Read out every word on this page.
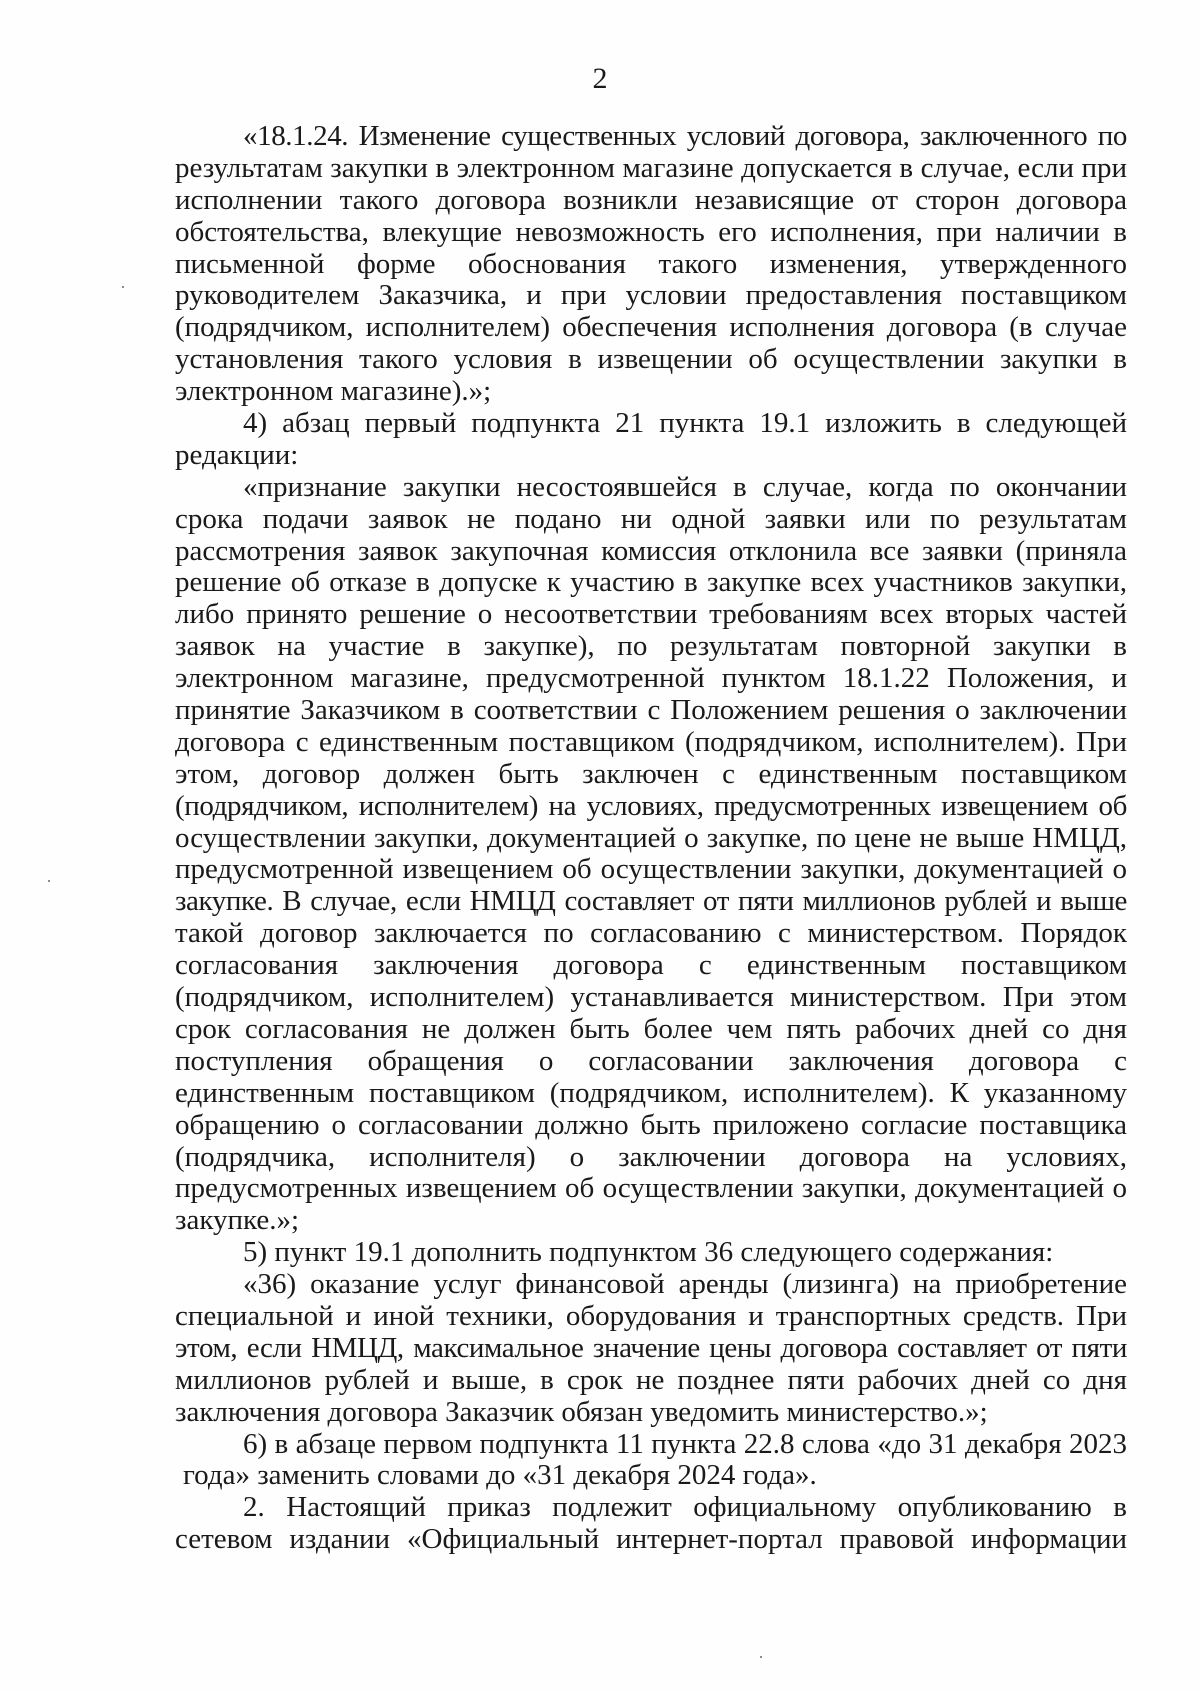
2
«18.1.24. Изменение существенных условий договора, заключенного по
результатам закупки в электронном магазине допускается в случае, если при
исполнении такого договора возникли независящие от сторон договора
обстоятельства, влекущие невозможность его исполнения, при наличии в
письменной форме обоснования такого изменения, утвержденного
руководителем Заказчика, и при условии предоставления поставщиком
(подрядчиком, исполнителем) обеспечения исполнения договора (в случае
установления такого условия в извещении об осуществлении закупки в
электронном магазине).»;
4) абзац первый подпункта 21 пункта 19.1 изложить в следующей
редакции:
«признание закупки несостоявшейся в случае, когда по окончании
срока подачи заявок не подано ни одной заявки или по результатам
рассмотрения заявок закупочная комиссия отклонила все заявки (приняла
решение об отказе в допуске к участию в закупке всех участников закупки,
либо принято решение о несоответствии требованиям всех вторых частей
заявок на участие в закупке), по результатам повторной закупки в
электронном магазине, предусмотренной пунктом 18.1.22 Положения, и
принятие Заказчиком в соответствии с Положением решения о заключении
договора с единственным поставщиком (подрядчиком, исполнителем). При
этом, договор должен быть заключен с единственным поставщиком
(подрядчиком, исполнителем) на условиях, предусмотренных извещением об
осуществлении закупки, документацией о закупке, по цене не выше НМЦД,
предусмотренной извещением об осуществлении закупки, документацией о
закупке. В случае, если НМЦД составляет от пяти миллионов рублей и выше
такой договор заключается по согласованию с министерством. Порядок
согласования заключения договора с единственным поставщиком
(подрядчиком, исполнителем) устанавливается министерством. При этом
срок согласования не должен быть более чем пять рабочих дней со дня
поступления обращения о согласовании заключения договора с
единственным поставщиком (подрядчиком, исполнителем). К указанному
обращению о согласовании должно быть приложено согласие поставщика
(подрядчика, исполнителя) о заключении договора на условиях,
предусмотренных извещением об осуществлении закупки, документацией о
закупке.»;
5) пункт 19.1 дополнить подпунктом 36 следующего содержания:
«36) оказание услуг финансовой аренды (лизинга) на приобретение
специальной и иной техники, оборудования и транспортных средств. При
этом, если НМЦД, максимальное значение цены договора составляет от пяти
миллионов рублей и выше, в срок не позднее пяти рабочих дней со дня
заключения договора Заказчик обязан уведомить министерство.»;
6) в абзаце первом подпункта 11 пункта 22.8 слова «до 31 декабря 2023
года» заменить словами до «31 декабря 2024 года».
2. Настоящий приказ подлежит официальному опубликованию в
сетевом издании «Официальный интернет-портал правовой информации
